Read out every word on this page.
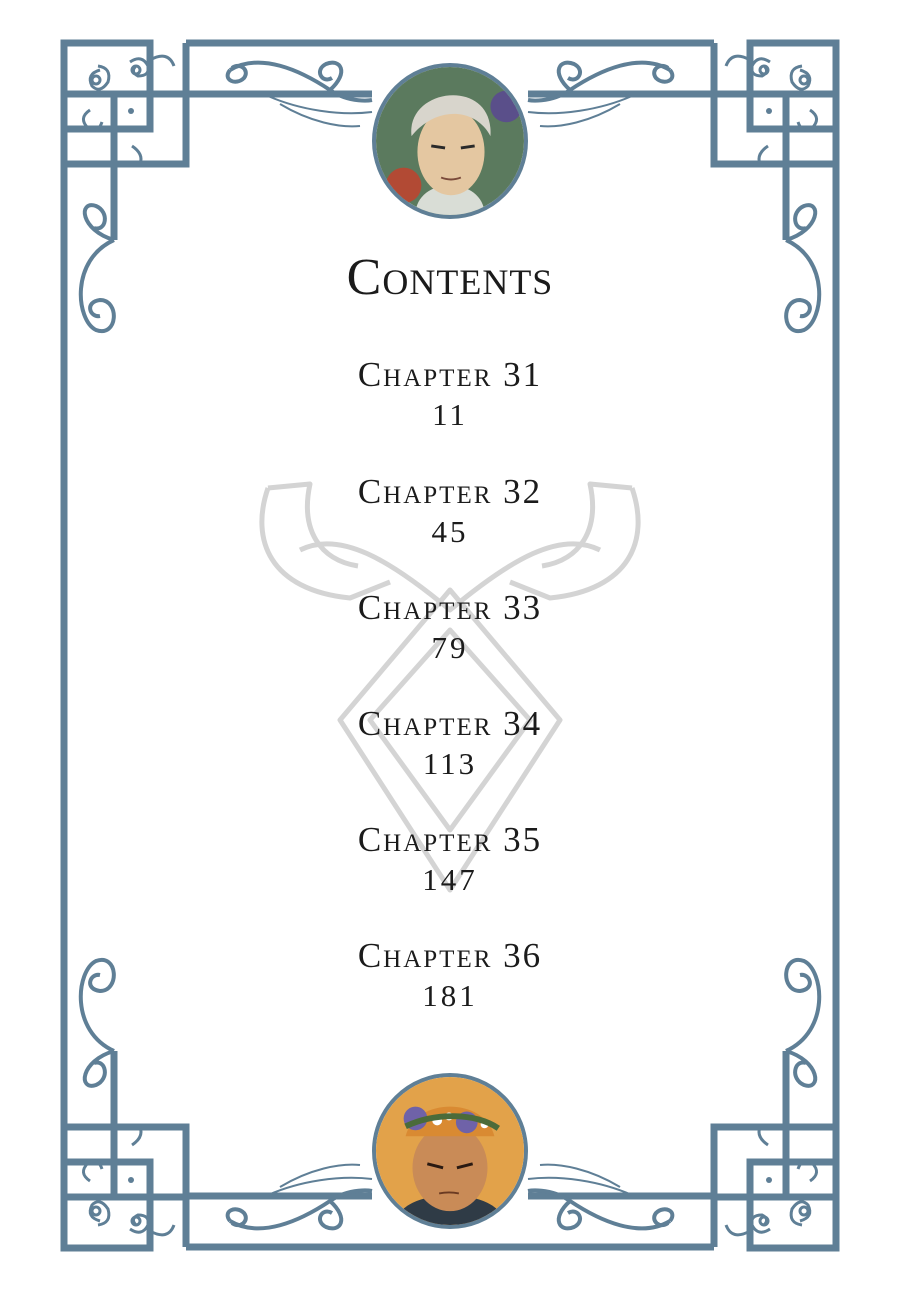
Contents
Chapter 31
11
Chapter 32
45
Chapter 33
79
Chapter 34
113
Chapter 35
147
Chapter 36
181
